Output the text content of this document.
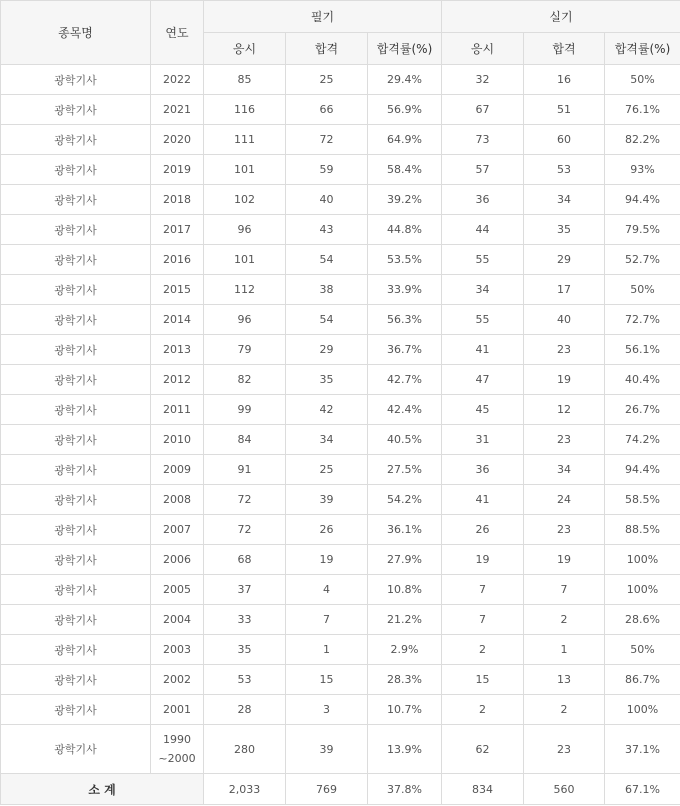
종목명	연도	필기			실기		
		응시	합격	합격률(%)	응시	합격	합격률(%)
광학기사	2022	85	25	29.4%	32	16	50%
광학기사	2021	116	66	56.9%	67	51	76.1%
광학기사	2020	111	72	64.9%	73	60	82.2%
광학기사	2019	101	59	58.4%	57	53	93%
광학기사	2018	102	40	39.2%	36	34	94.4%
광학기사	2017	96	43	44.8%	44	35	79.5%
광학기사	2016	101	54	53.5%	55	29	52.7%
광학기사	2015	112	38	33.9%	34	17	50%
광학기사	2014	96	54	56.3%	55	40	72.7%
광학기사	2013	79	29	36.7%	41	23	56.1%
광학기사	2012	82	35	42.7%	47	19	40.4%
광학기사	2011	99	42	42.4%	45	12	26.7%
광학기사	2010	84	34	40.5%	31	23	74.2%
광학기사	2009	91	25	27.5%	36	34	94.4%
광학기사	2008	72	39	54.2%	41	24	58.5%
광학기사	2007	72	26	36.1%	26	23	88.5%
광학기사	2006	68	19	27.9%	19	19	100%
광학기사	2005	37	4	10.8%	7	7	100%
광학기사	2004	33	7	21.2%	7	2	28.6%
광학기사	2003	35	1	2.9%	2	1	50%
광학기사	2002	53	15	28.3%	15	13	86.7%
광학기사	2001	28	3	10.7%	2	2	100%
광학기사	1990 ~2000	280	39	13.9%	62	23	37.1%
소 계		2,033	769	37.8%	834	560	67.1%
